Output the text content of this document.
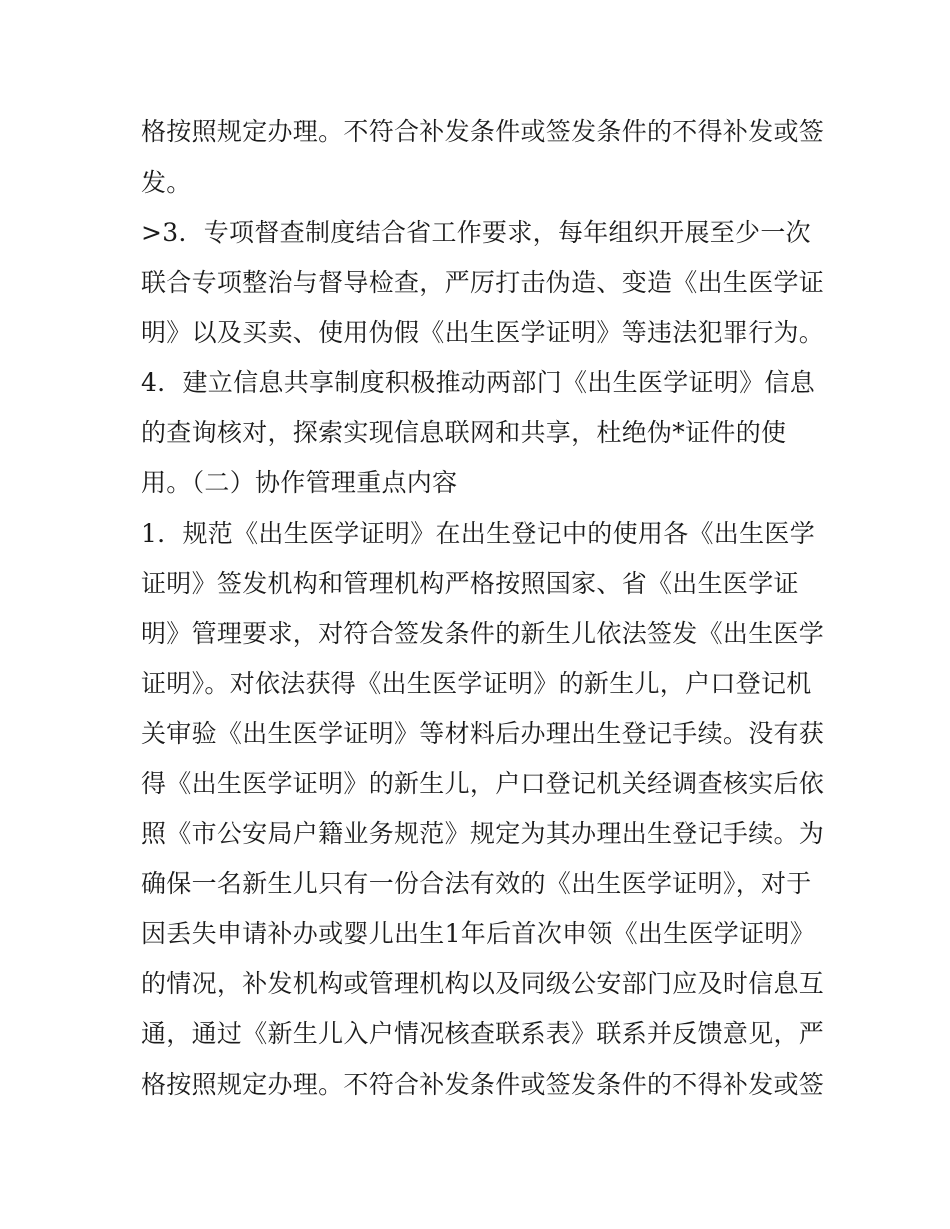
格按照规定办理。不符合补发条件或签发条件的不得补发或签
发。
>3．专项督查制度结合省工作要求，每年组织开展至少一次
联合专项整治与督导检查，严厉打击伪造、变造《出生医学证
明》以及买卖、使用伪假《出生医学证明》等违法犯罪行为。
4．建立信息共享制度积极推动两部门《出生医学证明》信息
的查询核对，探索实现信息联网和共享，杜绝伪*证件的使
用。（二）协作管理重点内容
1．规范《出生医学证明》在出生登记中的使用各《出生医学
证明》签发机构和管理机构严格按照国家、省《出生医学证
明》管理要求，对符合签发条件的新生儿依法签发《出生医学
证明》。对依法获得《出生医学证明》的新生儿，户口登记机
关审验《出生医学证明》等材料后办理出生登记手续。没有获
得《出生医学证明》的新生儿，户口登记机关经调查核实后依
照《市公安局户籍业务规范》规定为其办理出生登记手续。为
确保一名新生儿只有一份合法有效的《出生医学证明》，对于
因丢失申请补办或婴儿出生1年后首次申领《出生医学证明》
的情况，补发机构或管理机构以及同级公安部门应及时信息互
通，通过《新生儿入户情况核查联系表》联系并反馈意见，严
格按照规定办理。不符合补发条件或签发条件的不得补发或签
